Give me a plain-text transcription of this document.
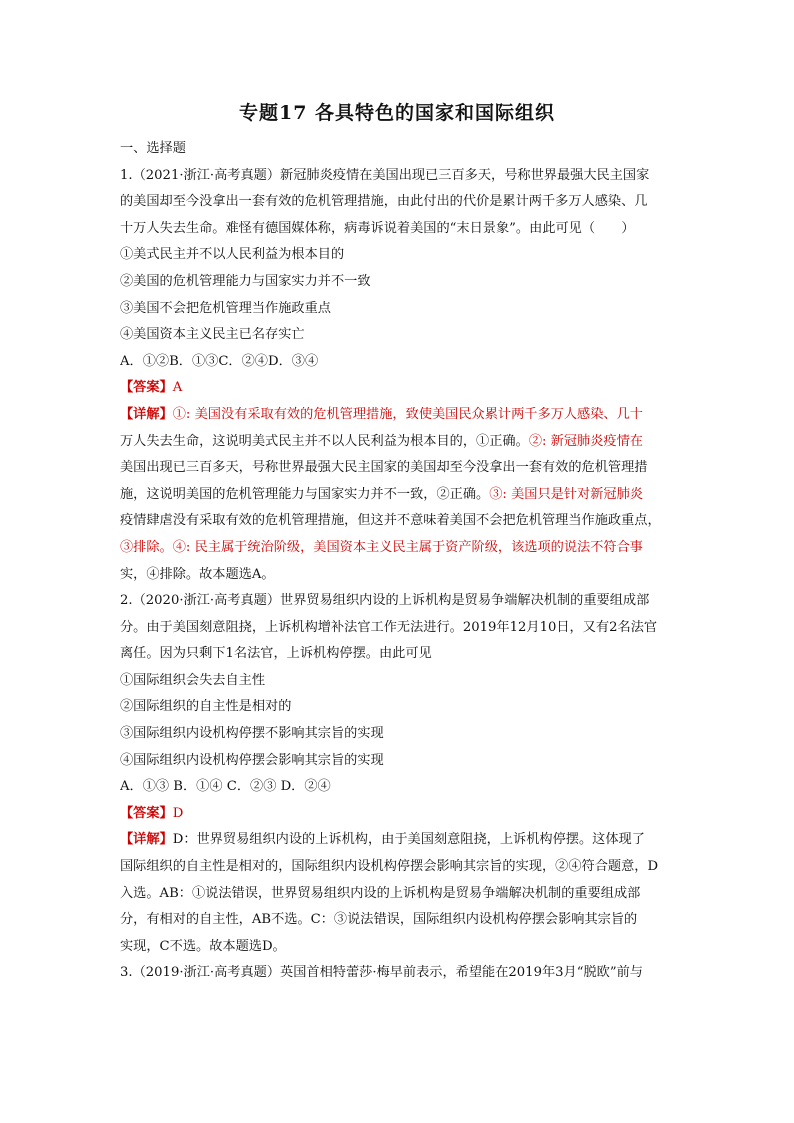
专题17 各具特色的国家和国际组织
一、选择题
1.（2021·浙江·高考真题）新冠肺炎疫情在美国出现已三百多天，号称世界最强大民主国家
的美国却至今没拿出一套有效的危机管理措施，由此付出的代价是累计两千多万人感染、几
十万人失去生命。难怪有德国媒体称，病毒诉说着美国的“末日景象”。由此可见（　　）
①美式民主并不以人民利益为根本目的
②美国的危机管理能力与国家实力并不一致
③美国不会把危机管理当作施政重点
④美国资本主义民主已名存实亡
A．①②B．①③C．②④D．③④
【答案】A
【详解】①: 美国没有采取有效的危机管理措施，致使美国民众累计两千多万人感染、几十
万人失去生命，这说明美式民主并不以人民利益为根本目的，①正确。②: 新冠肺炎疫情在
美国出现已三百多天，号称世界最强大民主国家的美国却至今没拿出一套有效的危机管理措
施，这说明美国的危机管理能力与国家实力并不一致，②正确。③: 美国只是针对新冠肺炎
疫情肆虐没有采取有效的危机管理措施，但这并不意味着美国不会把危机管理当作施政重点，
③排除。④: 民主属于统治阶级，美国资本主义民主属于资产阶级，该选项的说法不符合事
实，④排除。故本题选A。
2.（2020·浙江·高考真题）世界贸易组织内设的上诉机构是贸易争端解决机制的重要组成部
分。由于美国刻意阻挠，上诉机构增补法官工作无法进行。2019年12月10日，又有2名法官
离任。因为只剩下1名法官，上诉机构停摆。由此可见
①国际组织会失去自主性
②国际组织的自主性是相对的
③国际组织内设机构停摆不影响其宗旨的实现
④国际组织内设机构停摆会影响其宗旨的实现
A．①③ B．①④ C．②③ D．②④
【答案】D
【详解】D：世界贸易组织内设的上诉机构，由于美国刻意阻挠，上诉机构停摆。这体现了
国际组织的自主性是相对的，国际组织内设机构停摆会影响其宗旨的实现，②④符合题意，D
入选。AB：①说法错误，世界贸易组织内设的上诉机构是贸易争端解决机制的重要组成部
分，有相对的自主性，AB不选。C：③说法错误，国际组织内设机构停摆会影响其宗旨的
实现，C不选。故本题选D。
3.（2019·浙江·高考真题）英国首相特蕾莎·梅早前表示，希望能在2019年3月“脱欧”前与
